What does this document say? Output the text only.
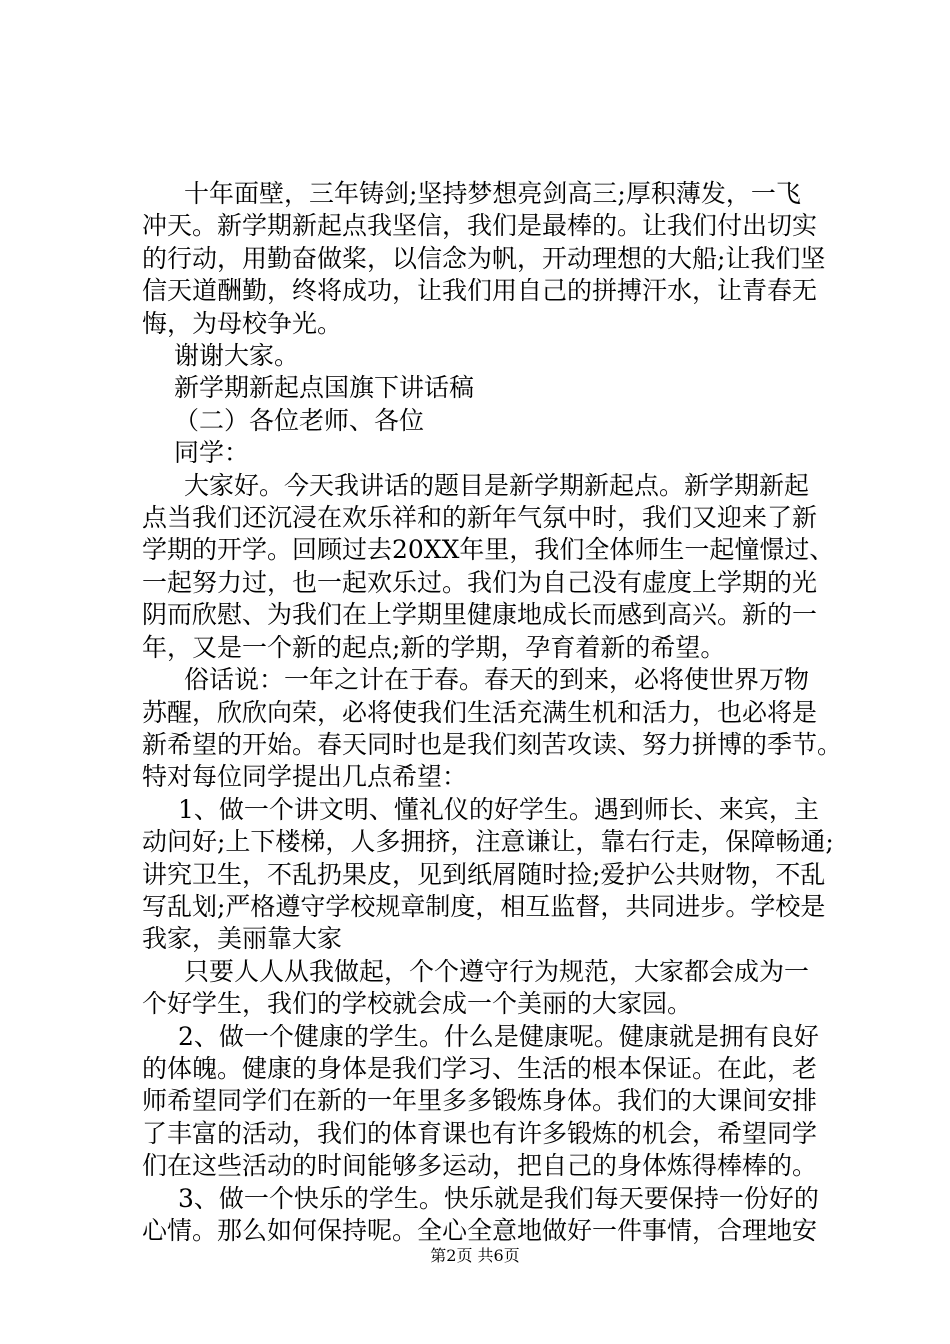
十年面壁，三年铸剑;坚持梦想亮剑高三;厚积薄发，一飞

冲天。新学期新起点我坚信，我们是最棒的。让我们付出切实

的行动，用勤奋做桨，以信念为帆，开动理想的大船;让我们坚

信天道酬勤，终将成功，让我们用自己的拼搏汗水，让青春无

悔，为母校争光。

谢谢大家。

新学期新起点国旗下讲话稿

（二）各位老师、各位

同学：

大家好。今天我讲话的题目是新学期新起点。新学期新起

点当我们还沉浸在欢乐祥和的新年气氛中时，我们又迎来了新

学期的开学。回顾过去20XX年里，我们全体师生一起憧憬过、

一起努力过，也一起欢乐过。我们为自己没有虚度上学期的光

阴而欣慰、为我们在上学期里健康地成长而感到高兴。新的一

年，又是一个新的起点;新的学期，孕育着新的希望。

俗话说：一年之计在于春。春天的到来，必将使世界万物

苏醒，欣欣向荣，必将使我们生活充满生机和活力，也必将是

新希望的开始。春天同时也是我们刻苦攻读、努力拼博的季节。

特对每位同学提出几点希望：

1、做一个讲文明、懂礼仪的好学生。遇到师长、来宾，主

动问好;上下楼梯，人多拥挤，注意谦让，靠右行走，保障畅通;

讲究卫生，不乱扔果皮，见到纸屑随时捡;爱护公共财物，不乱

写乱划;严格遵守学校规章制度，相互监督，共同进步。学校是

我家，美丽靠大家

只要人人从我做起，个个遵守行为规范，大家都会成为一

个好学生，我们的学校就会成一个美丽的大家园。

2、做一个健康的学生。什么是健康呢。健康就是拥有良好

的体魄。健康的身体是我们学习、生活的根本保证。在此，老

师希望同学们在新的一年里多多锻炼身体。我们的大课间安排

了丰富的活动，我们的体育课也有许多锻炼的机会，希望同学

们在这些活动的时间能够多运动，把自己的身体炼得棒棒的。

3、做一个快乐的学生。快乐就是我们每天要保持一份好的

心情。那么如何保持呢。全心全意地做好一件事情，合理地安

第2页 共6页
